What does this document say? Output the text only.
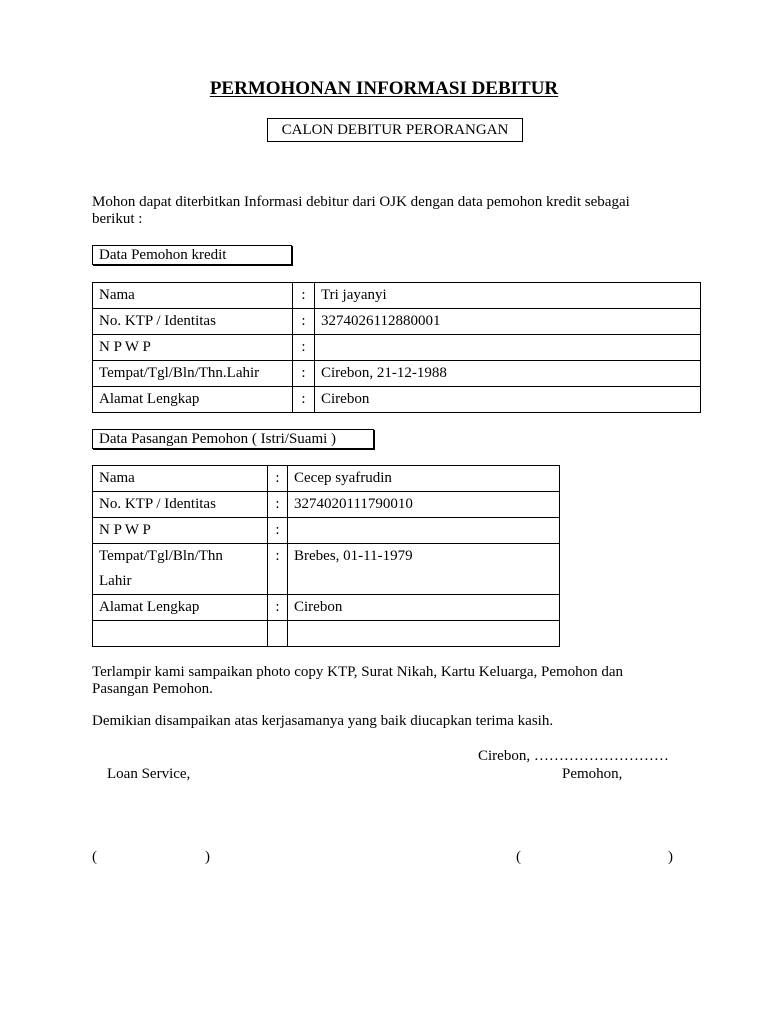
PERMOHONAN INFORMASI DEBITUR
CALON DEBITUR PERORANGAN
Mohon dapat diterbitkan Informasi debitur dari OJK dengan data pemohon kredit sebagai
berikut :
Data Pemohon kredit
Nama	:	Tri jayanyi
No. KTP / Identitas	:	3274026112880001
N P W P	:	
Tempat/Tgl/Bln/Thn.Lahir	:	Cirebon, 21-12-1988
Alamat Lengkap	:	Cirebon
Data Pasangan Pemohon ( Istri/Suami )
Nama	:	Cecep syafrudin
No. KTP / Identitas	:	3274020111790010
N P W P	:	

Tempat/Tgl/Bln/Thn
Lahir	:	Brebes, 01-11-1979
Alamat Lengkap	:	Cirebon

Terlampir kami sampaikan photo copy KTP, Surat Nikah, Kartu Keluarga, Pemohon dan
Pasangan Pemohon.
Demikian disampaikan atas kerjasamanya yang baik diucapkan terima kasih.
Cirebon, ………………………
Loan Service,	Pemohon,
(	)	(	)
